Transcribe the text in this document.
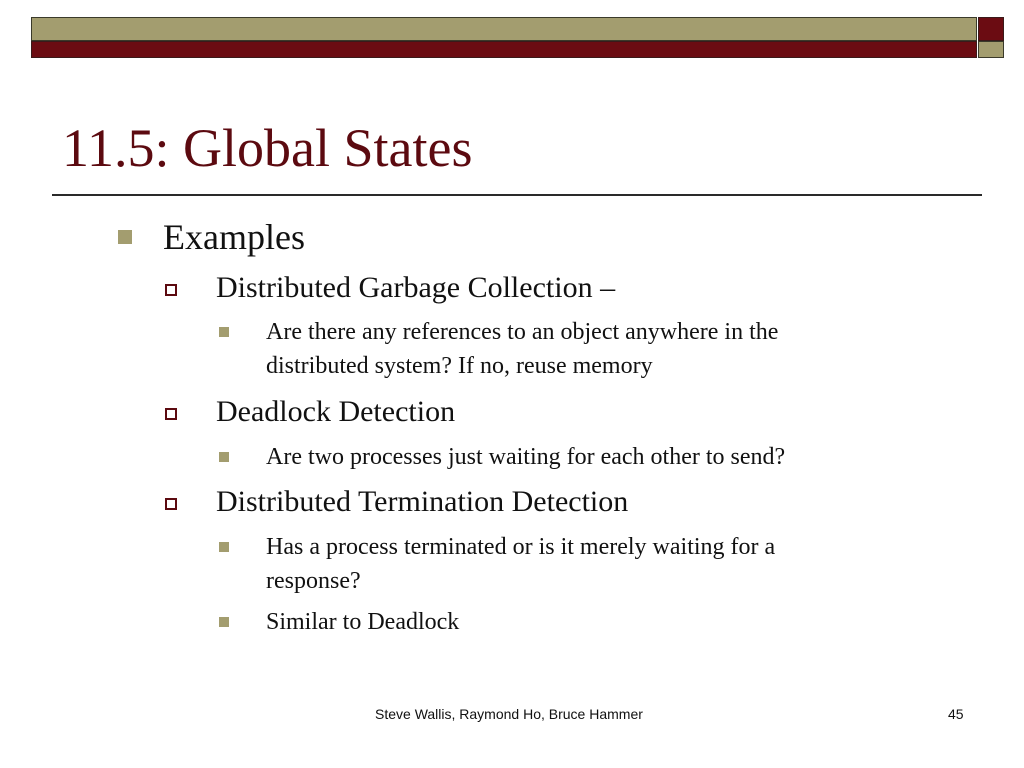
11.5: Global States
Examples
Distributed Garbage Collection –
Are there any references to an object anywhere in the
distributed system? If no, reuse memory
Deadlock Detection
Are two processes just waiting for each other to send?
Distributed Termination Detection
Has a process terminated or is it merely waiting for a
response?
Similar to Deadlock
Steve Wallis, Raymond Ho, Bruce Hammer	45
